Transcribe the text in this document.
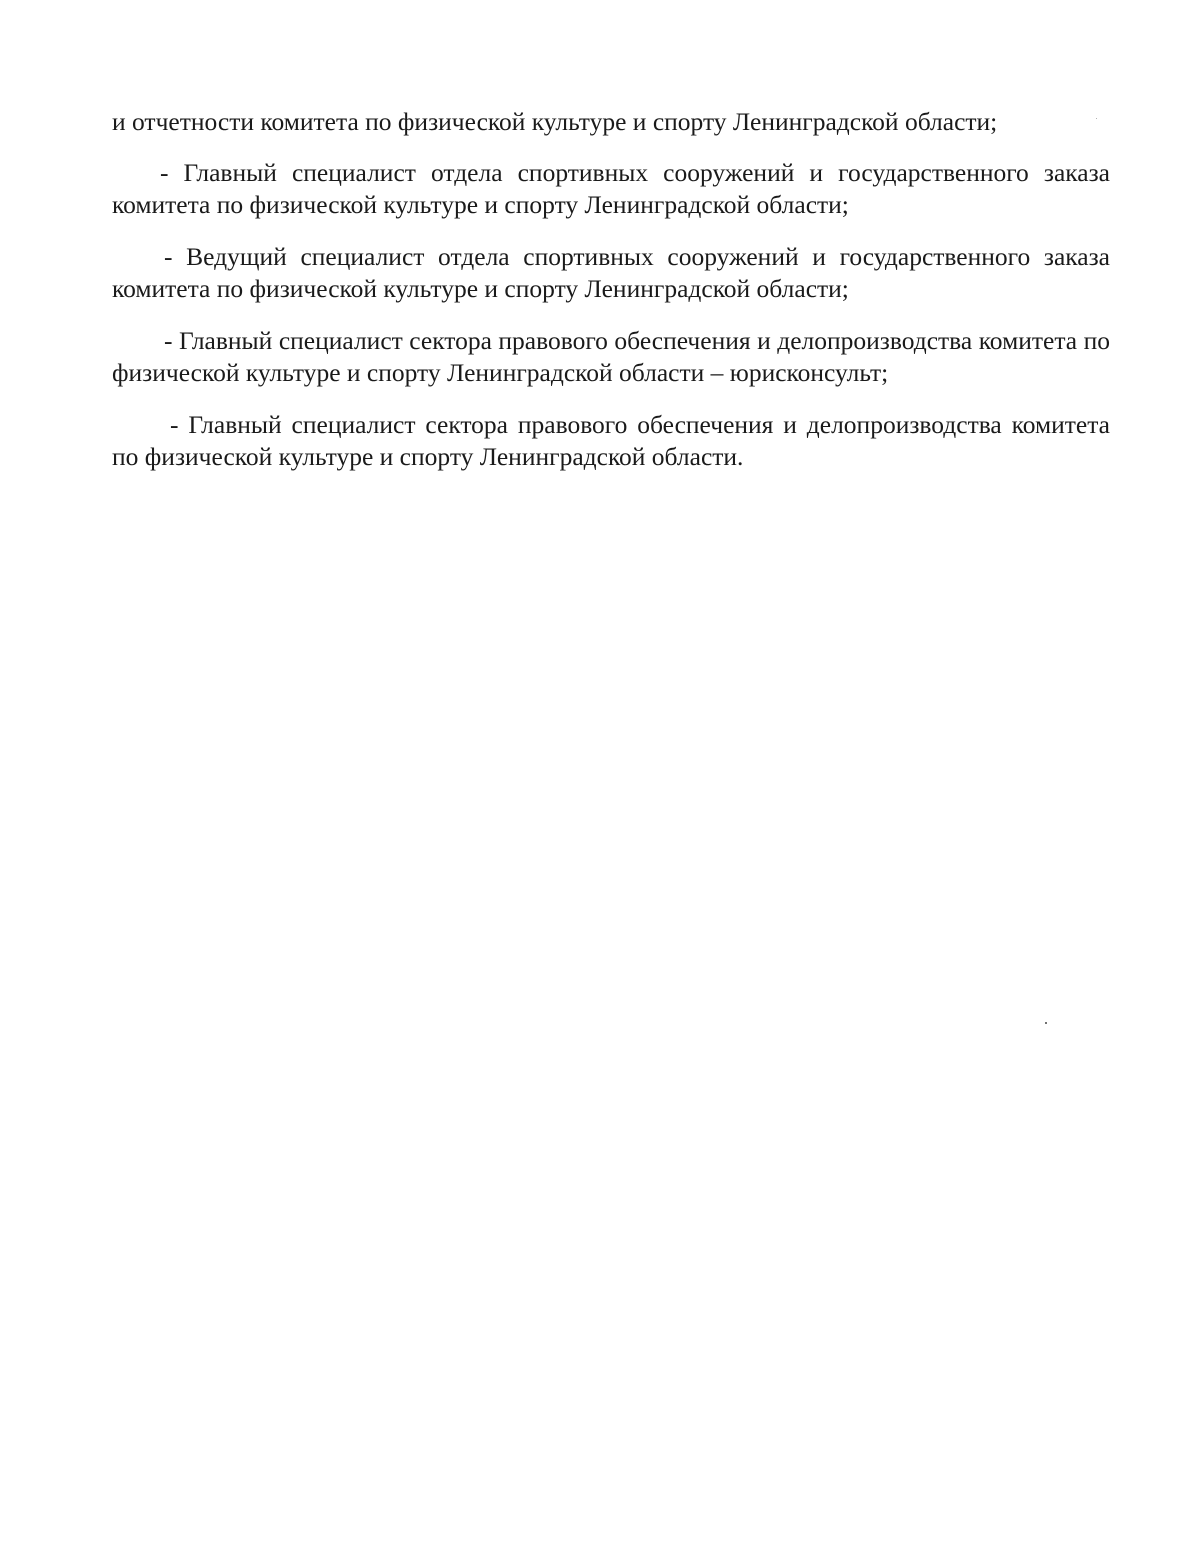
и отчетности комитета по физической культуре и спорту Ленинградской области;

- Главный специалист отдела спортивных сооружений и государственного заказа комитета по физической культуре и спорту Ленинградской области;

- Ведущий специалист отдела спортивных сооружений и государственного заказа комитета по физической культуре и спорту Ленинградской области;

- Главный специалист сектора правового обеспечения и делопроизводства комитета по физической культуре и спорту Ленинградской области – юрисконсульт;

- Главный специалист сектора правового обеспечения и делопроизводства комитета по физической культуре и спорту Ленинградской области.
